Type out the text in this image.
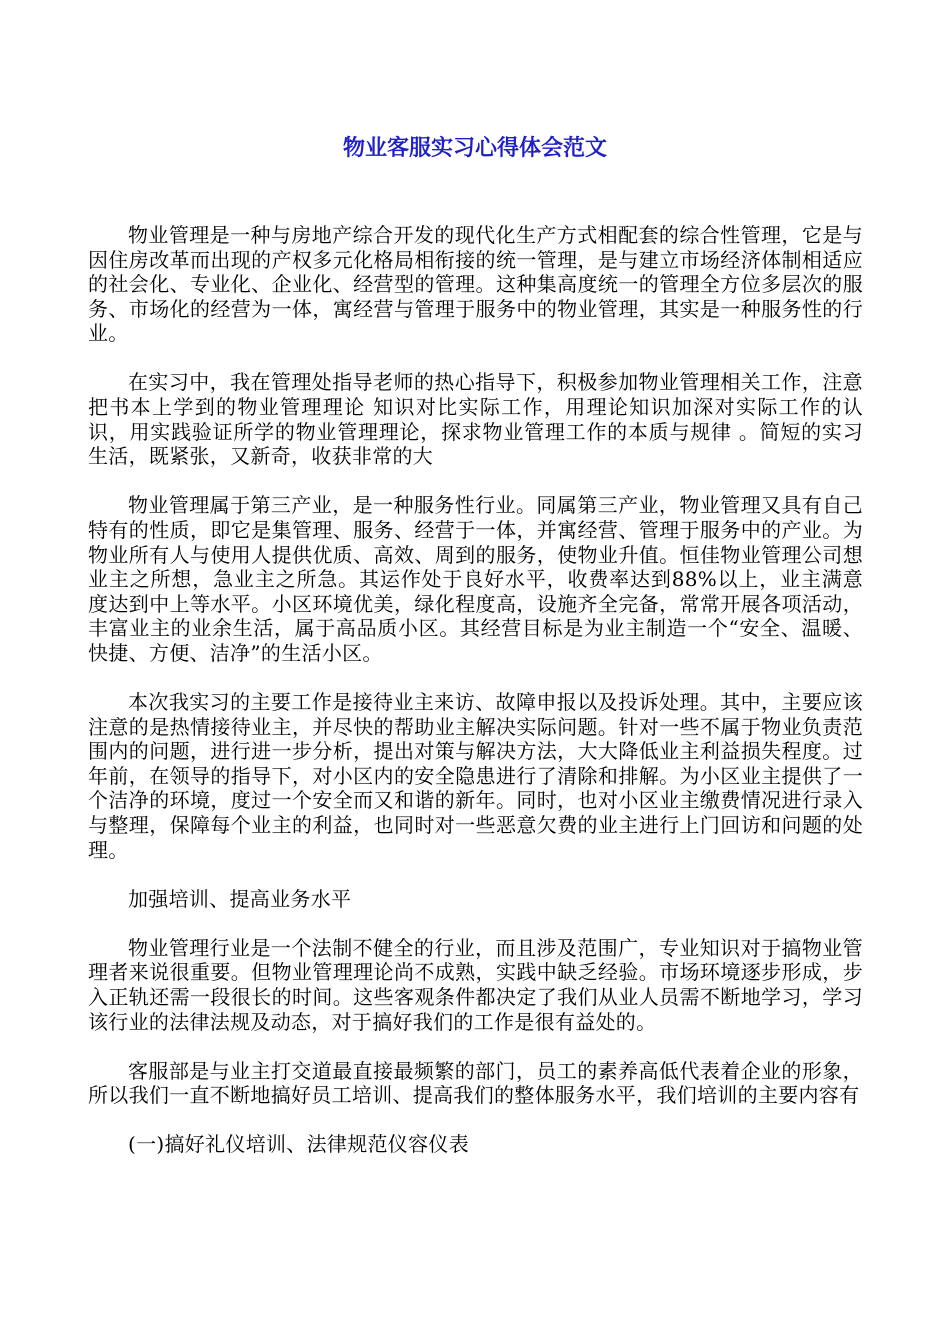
物业客服实习心得体会范文

物业管理是一种与房地产综合开发的现代化生产方式相配套的综合性管理，它是与因住房改革而出现的产权多元化格局相衔接的统一管理，是与建立市场经济体制相适应的社会化、专业化、企业化、经营型的管理。这种集高度统一的管理全方位多层次的服务、市场化的经营为一体，寓经营与管理于服务中的物业管理，其实是一种服务性的行业。

在实习中，我在管理处指导老师的热心指导下，积极参加物业管理相关工作，注意把书本上学到的物业管理理论 知识对比实际工作，用理论知识加深对实际工作的认识，用实践验证所学的物业管理理论，探求物业管理工作的本质与规律 。简短的实习生活，既紧张，又新奇，收获非常的大

物业管理属于第三产业，是一种服务性行业。同属第三产业，物业管理又具有自己特有的性质，即它是集管理、服务、经营于一体，并寓经营、管理于服务中的产业。为物业所有人与使用人提供优质、高效、周到的服务，使物业升值。恒佳物业管理公司想业主之所想，急业主之所急。其运作处于良好水平，收费率达到88%以上，业主满意度达到中上等水平。小区环境优美，绿化程度高，设施齐全完备，常常开展各项活动，丰富业主的业余生活，属于高品质小区。其经营目标是为业主制造一个“安全、温暖、快捷、方便、洁净”的生活小区。

本次我实习的主要工作是接待业主来访、故障申报以及投诉处理。其中，主要应该注意的是热情接待业主，并尽快的帮助业主解决实际问题。针对一些不属于物业负责范围内的问题，进行进一步分析，提出对策与解决方法，大大降低业主利益损失程度。过年前，在领导的指导下，对小区内的安全隐患进行了清除和排解。为小区业主提供了一个洁净的环境，度过一个安全而又和谐的新年。同时，也对小区业主缴费情况进行录入与整理，保障每个业主的利益，也同时对一些恶意欠费的业主进行上门回访和问题的处理。

加强培训、提高业务水平

物业管理行业是一个法制不健全的行业，而且涉及范围广，专业知识对于搞物业管理者来说很重要。但物业管理理论尚不成熟，实践中缺乏经验。市场环境逐步形成，步入正轨还需一段很长的时间。这些客观条件都决定了我们从业人员需不断地学习，学习该行业的法律法规及动态，对于搞好我们的工作是很有益处的。

客服部是与业主打交道最直接最频繁的部门，员工的素养高低代表着企业的形象，所以我们一直不断地搞好员工培训、提高我们的整体服务水平，我们培训的主要内容有

(一)搞好礼仪培训、法律规范仪容仪表
